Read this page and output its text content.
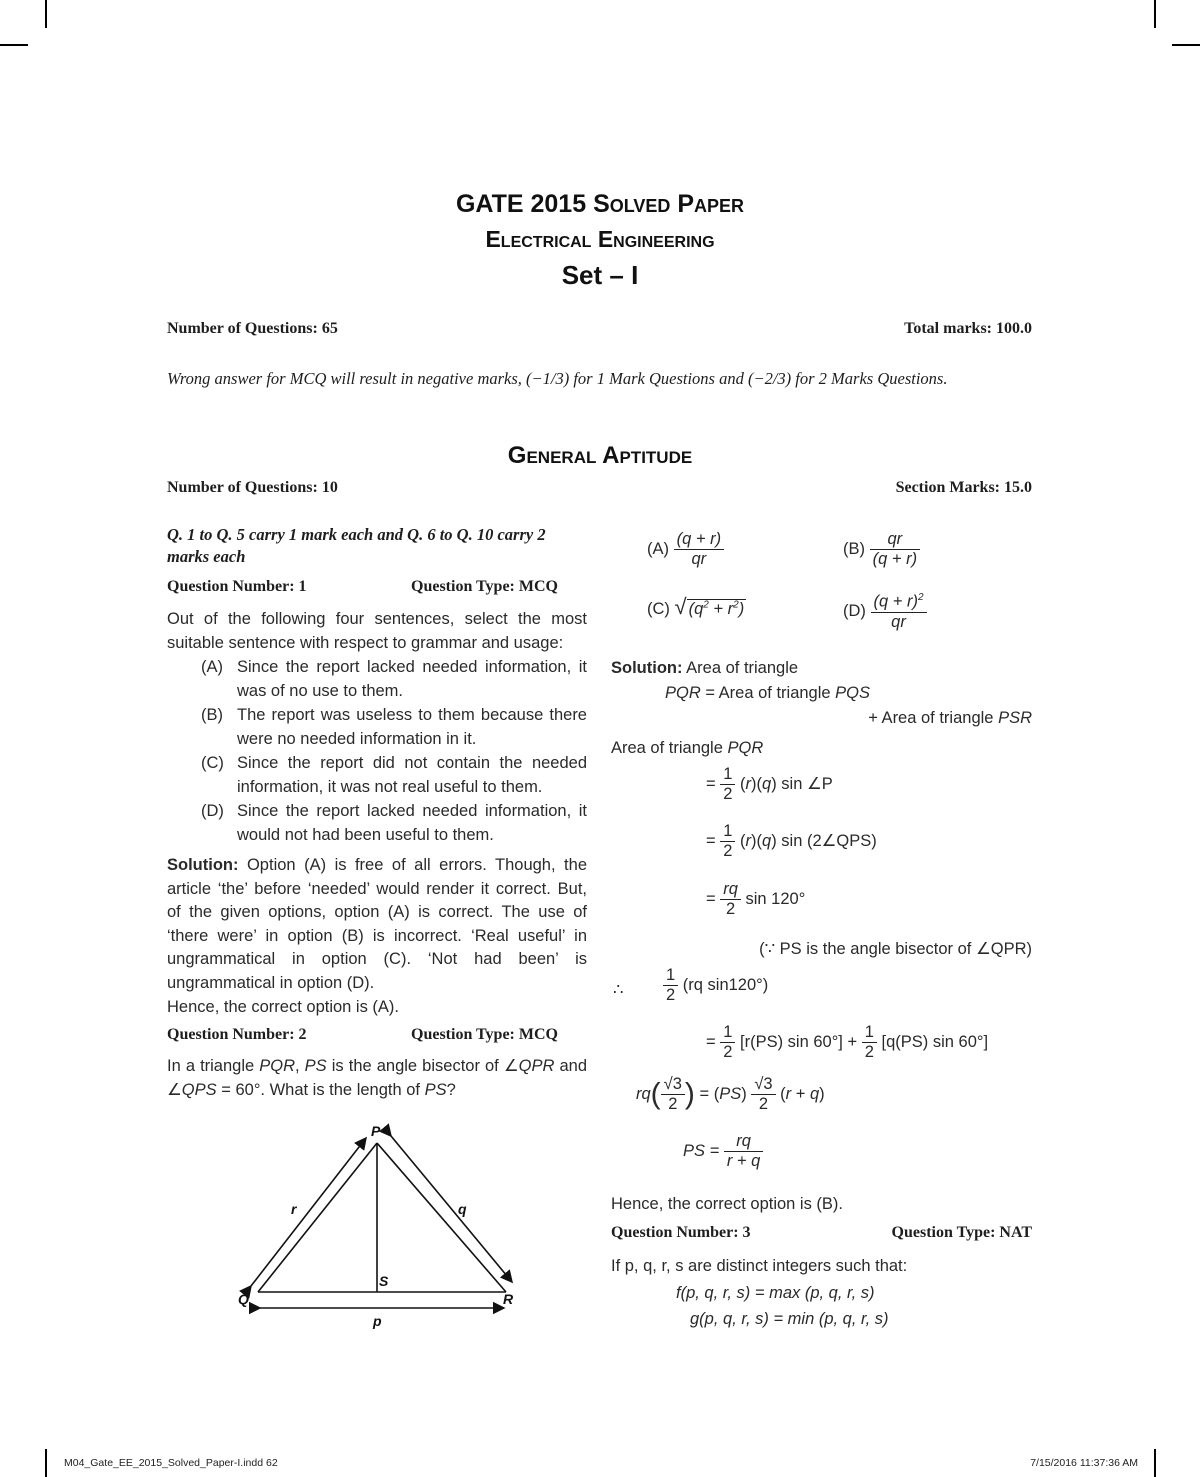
GATE 2015 Solved Paper
Electrical Engineering
Set – I
Number of Questions: 65	Total marks: 100.0
Wrong answer for MCQ will result in negative marks, (−1/3) for 1 Mark Questions and (−2/3) for 2 Marks Questions.
General Aptitude
Number of Questions: 10	Section Marks: 15.0
Q. 1 to Q. 5 carry 1 mark each and Q. 6 to Q. 10 carry 2 marks each
Question Number: 1	Question Type: MCQ
Out of the following four sentences, select the most suitable sentence with respect to grammar and usage:
(A) Since the report lacked needed information, it was of no use to them.
(B) The report was useless to them because there were no needed information in it.
(C) Since the report did not contain the needed information, it was not real useful to them.
(D) Since the report lacked needed information, it would not had been useful to them.
Solution: Option (A) is free of all errors. Though, the article ‘the’ before ‘needed’ would render it correct. But, of the given options, option (A) is correct. The use of ‘there were’ in option (B) is incorrect. ‘Real useful’ in ungrammatical in option (C). ‘Not had been’ is ungrammatical in option (D).
Hence, the correct option is (A).
Question Number: 2	Question Type: MCQ
In a triangle PQR, PS is the angle bisector of ∠QPR and ∠QPS = 60°. What is the length of PS?
P
Q	R
S
r	q
p
$(A) \frac{(q + r)}{qr}$	$(B) \frac{qr}{(q + r)}$
(C) √ $(q^2 + r^2)$	$(D) \frac{(q + r)^2}{qr}$
Solution: Area of triangle
PQR = Area of triangle PQS
+ Area of triangle PSR
Area of triangle PQR
= $\frac{1}{2} (r)(q)$ sin ∠P
= $\frac{1}{2} (r)(q)$ sin (2∠QPS)
= $\frac{rq}{2}$ sin 120°
(∵ PS is the angle bisector of ∠QPR)
∴ $\frac{1}{2} (rq$ sin120°)
= $\frac{1}{2} [r(PS)$ $\sin 60^\circ] + \frac{1}{2} [q(PS)$ sin 60°]
$rq( \frac{√3}{2}$ ) = $(PS) \frac{√3}{2} (r + q)$
PS = $\frac{rq}{r + q}$
Hence, the correct option is (B).
Question Number: 3	Question Type: NAT
If p, q, r, s are distinct integers such that:
f(p, q, r, s) = max (p, q, r, s)
g(p, q, r, s) = min (p, q, r, s)
M04_Gate_EE_2015_Solved_Paper-I.indd 62	7/15/2016 11:37:36 AM
